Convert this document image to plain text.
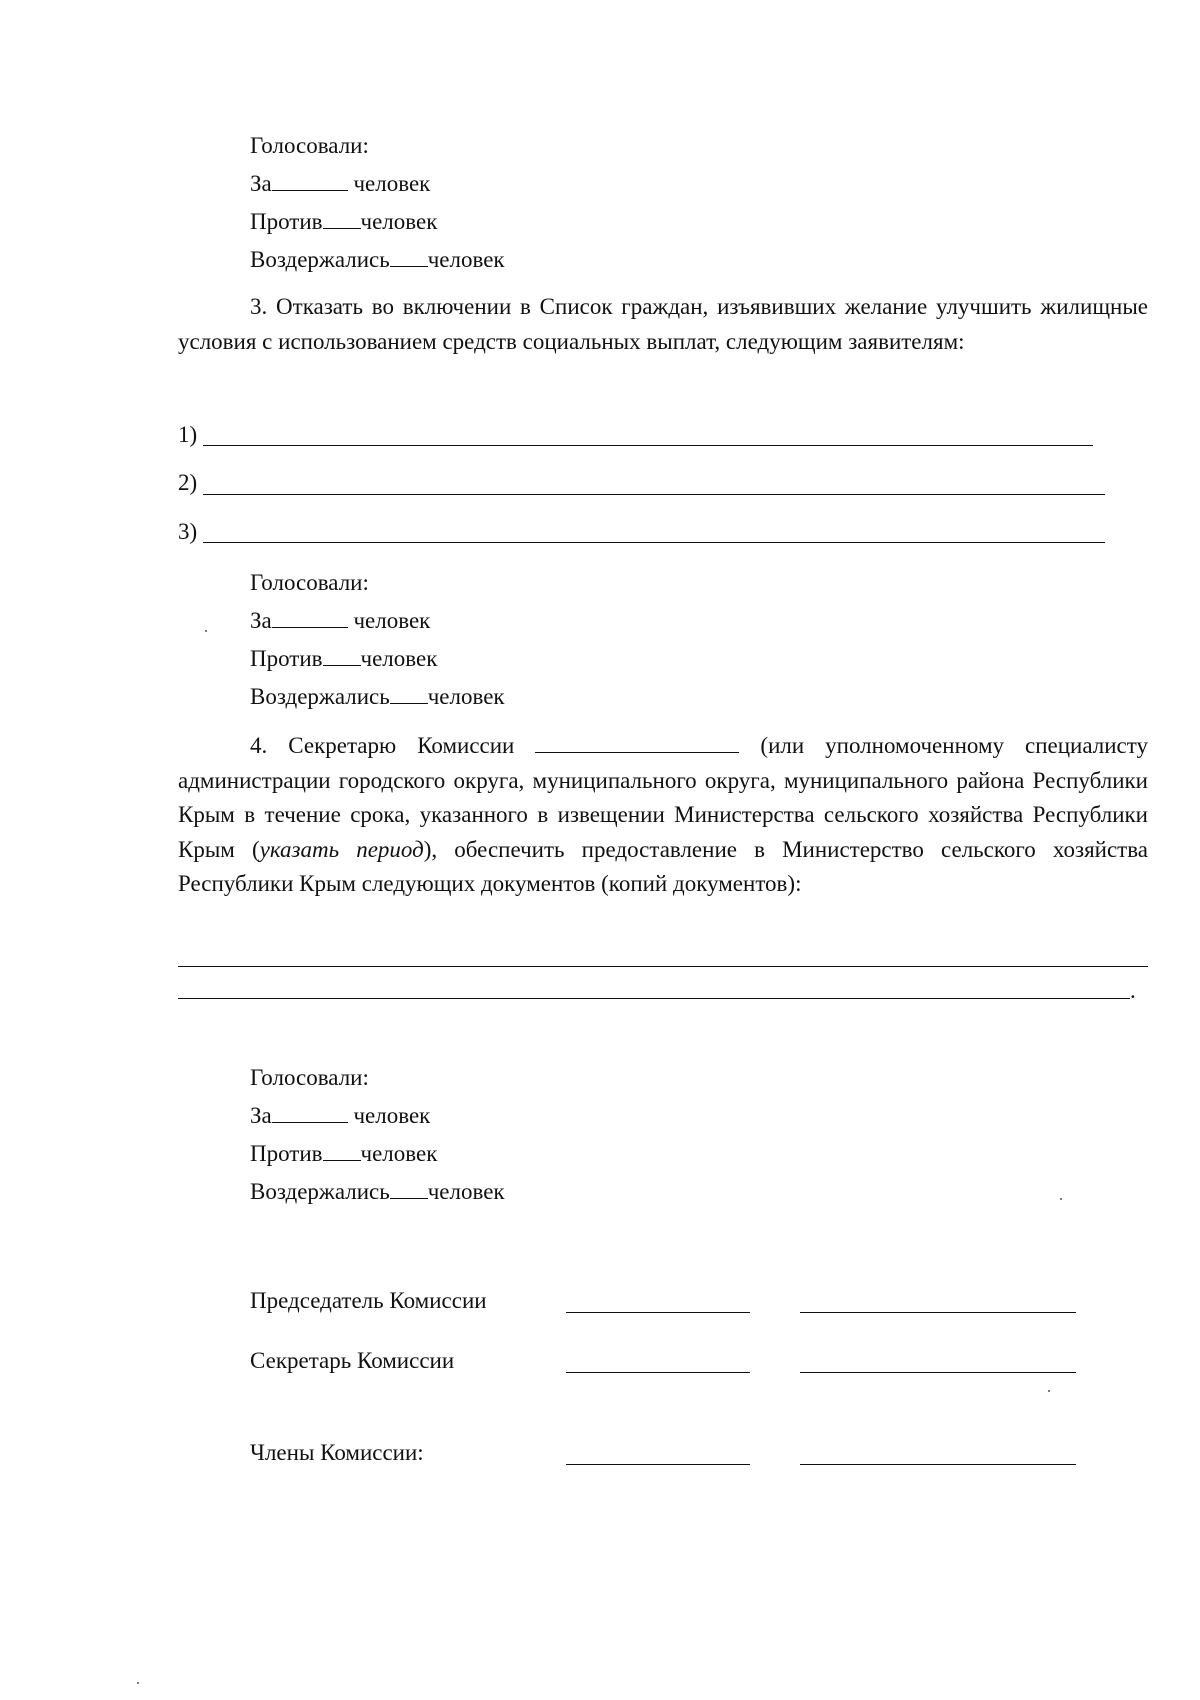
Голосовали:
За	человек
Против человек
Воздержались человек

3. Отказать во включении в Список граждан, изъявивших желание улучшить жилищные условия с использованием средств социальных выплат, следующим заявителям:

1)
2)
3)
Голосовали:
За	человек
Против человек
Воздержались человек

4. Секретарю Комиссии	(или уполномоченному специалисту администрации городского округа, муниципального округа, муниципального района Республики Крым в течение срока, указанного в извещении Министерства сельского хозяйства Республики Крым (указать период), обеспечить предоставление в Министерство сельского хозяйства Республики Крым следующих документов (копий документов):

.
Голосовали:
За	человек
Против человек
Воздержались человек
Председатель Комиссии
Секретарь Комиссии
Члены Комиссии:
